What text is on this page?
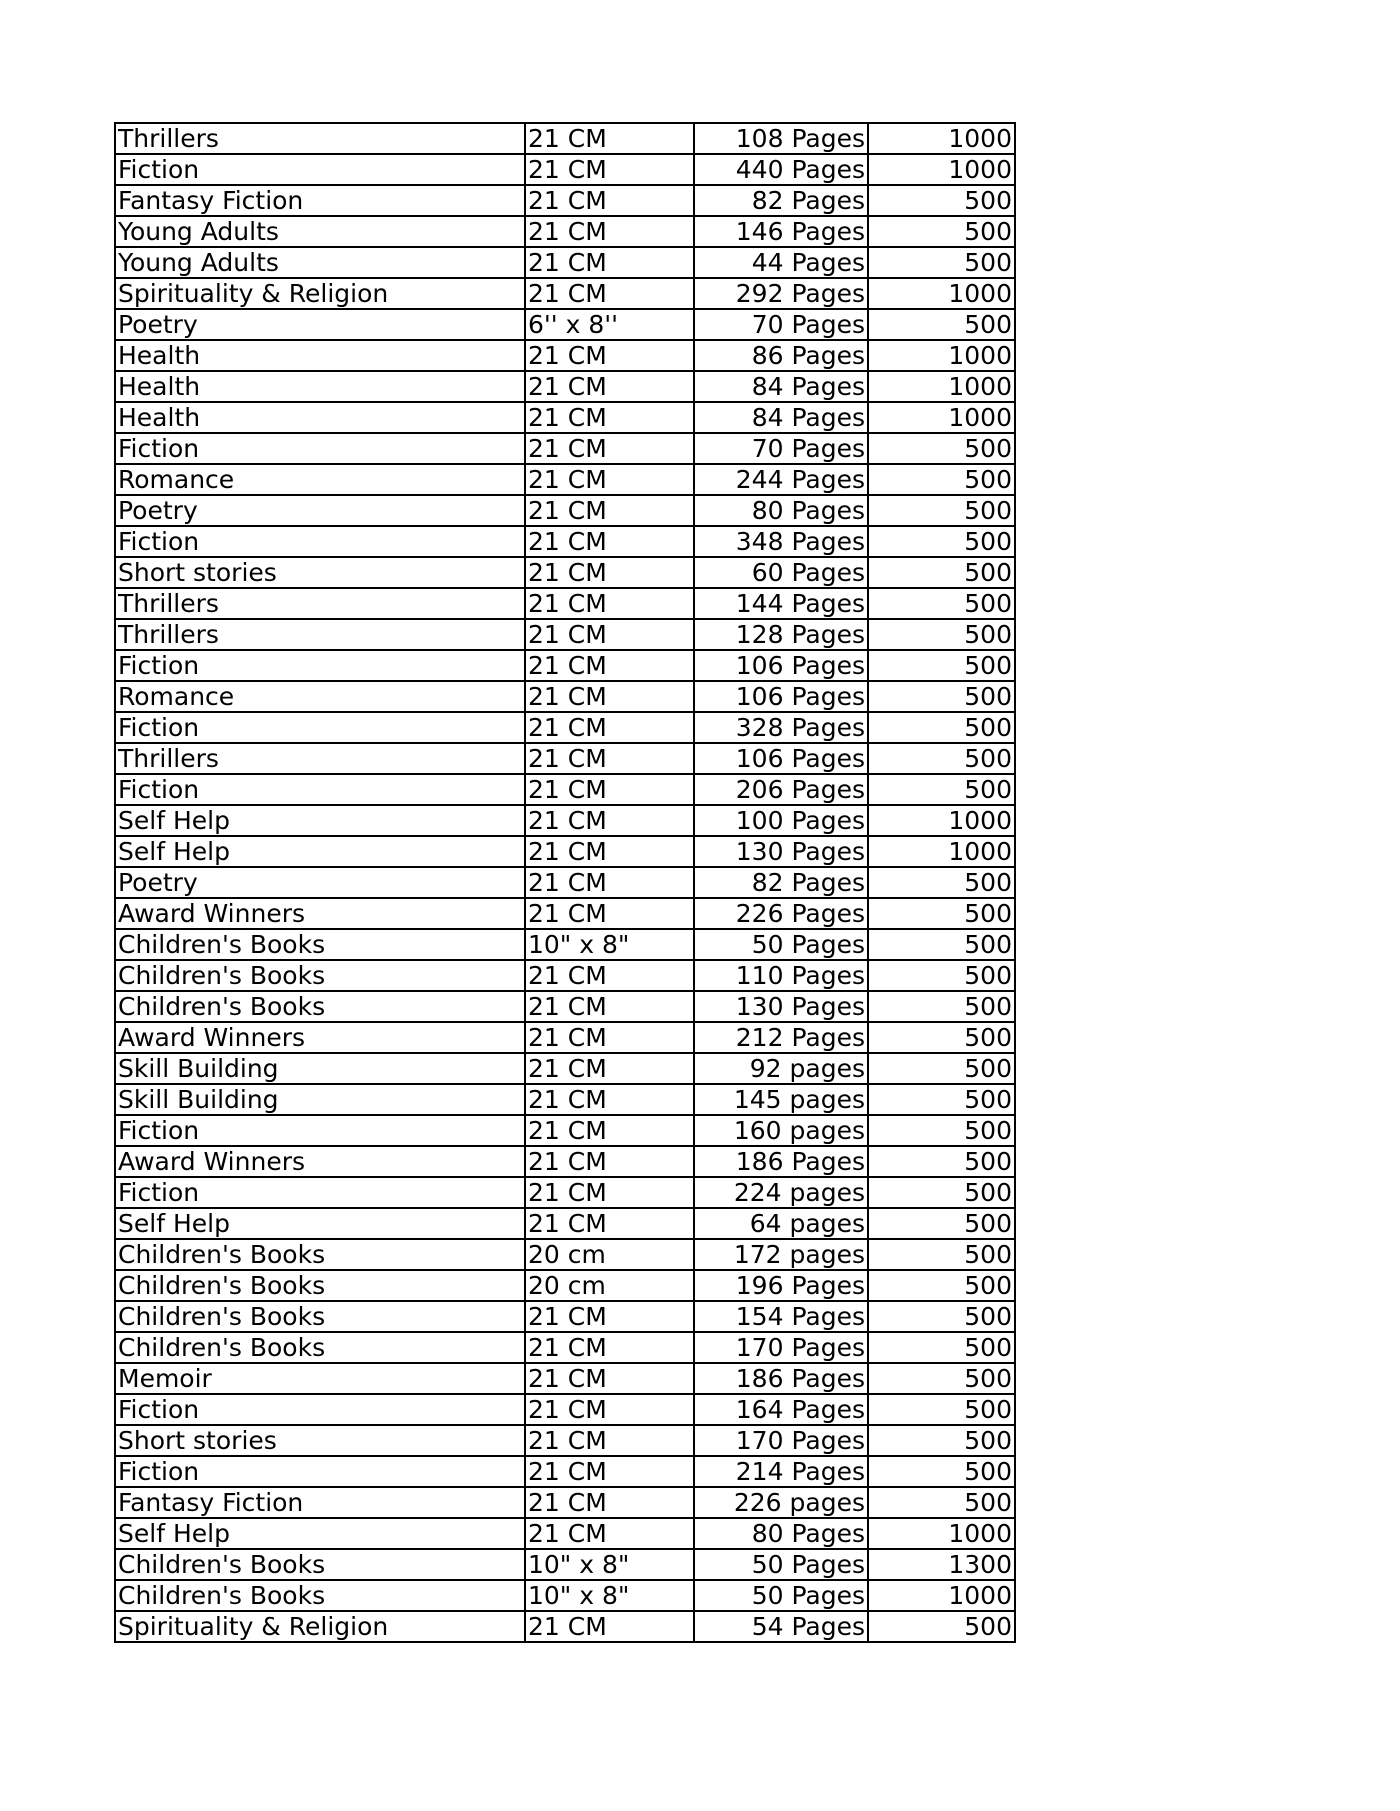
Thrillers	21 CM	108 Pages	1000
Fiction	21 CM	440 Pages	1000
Fantasy Fiction	21 CM	82 Pages	500
Young Adults	21 CM	146 Pages	500
Young Adults	21 CM	44 Pages	500
Spirituality & Religion	21 CM	292 Pages	1000
Poetry	6'' x 8''	70 Pages	500
Health	21 CM	86 Pages	1000
Health	21 CM	84 Pages	1000
Health	21 CM	84 Pages	1000
Fiction	21 CM	70 Pages	500
Romance	21 CM	244 Pages	500
Poetry	21 CM	80 Pages	500
Fiction	21 CM	348 Pages	500
Short stories	21 CM	60 Pages	500
Thrillers	21 CM	144 Pages	500
Thrillers	21 CM	128 Pages	500
Fiction	21 CM	106 Pages	500
Romance	21 CM	106 Pages	500
Fiction	21 CM	328 Pages	500
Thrillers	21 CM	106 Pages	500
Fiction	21 CM	206 Pages	500
Self Help	21 CM	100 Pages	1000
Self Help	21 CM	130 Pages	1000
Poetry	21 CM	82 Pages	500
Award Winners	21 CM	226 Pages	500
Children's Books	10" x 8"	50 Pages	500
Children's Books	21 CM	110 Pages	500
Children's Books	21 CM	130 Pages	500
Award Winners	21 CM	212 Pages	500
Skill Building	21 CM	92 pages	500
Skill Building	21 CM	145 pages	500
Fiction	21 CM	160 pages	500
Award Winners	21 CM	186 Pages	500
Fiction	21 CM	224 pages	500
Self Help	21 CM	64 pages	500
Children's Books	20 cm	172 pages	500
Children's Books	20 cm	196 Pages	500
Children's Books	21 CM	154 Pages	500
Children's Books	21 CM	170 Pages	500
Memoir	21 CM	186 Pages	500
Fiction	21 CM	164 Pages	500
Short stories	21 CM	170 Pages	500
Fiction	21 CM	214 Pages	500
Fantasy Fiction	21 CM	226 pages	500
Self Help	21 CM	80 Pages	1000
Children's Books	10" x 8"	50 Pages	1300
Children's Books	10" x 8"	50 Pages	1000
Spirituality & Religion	21 CM	54 Pages	500
